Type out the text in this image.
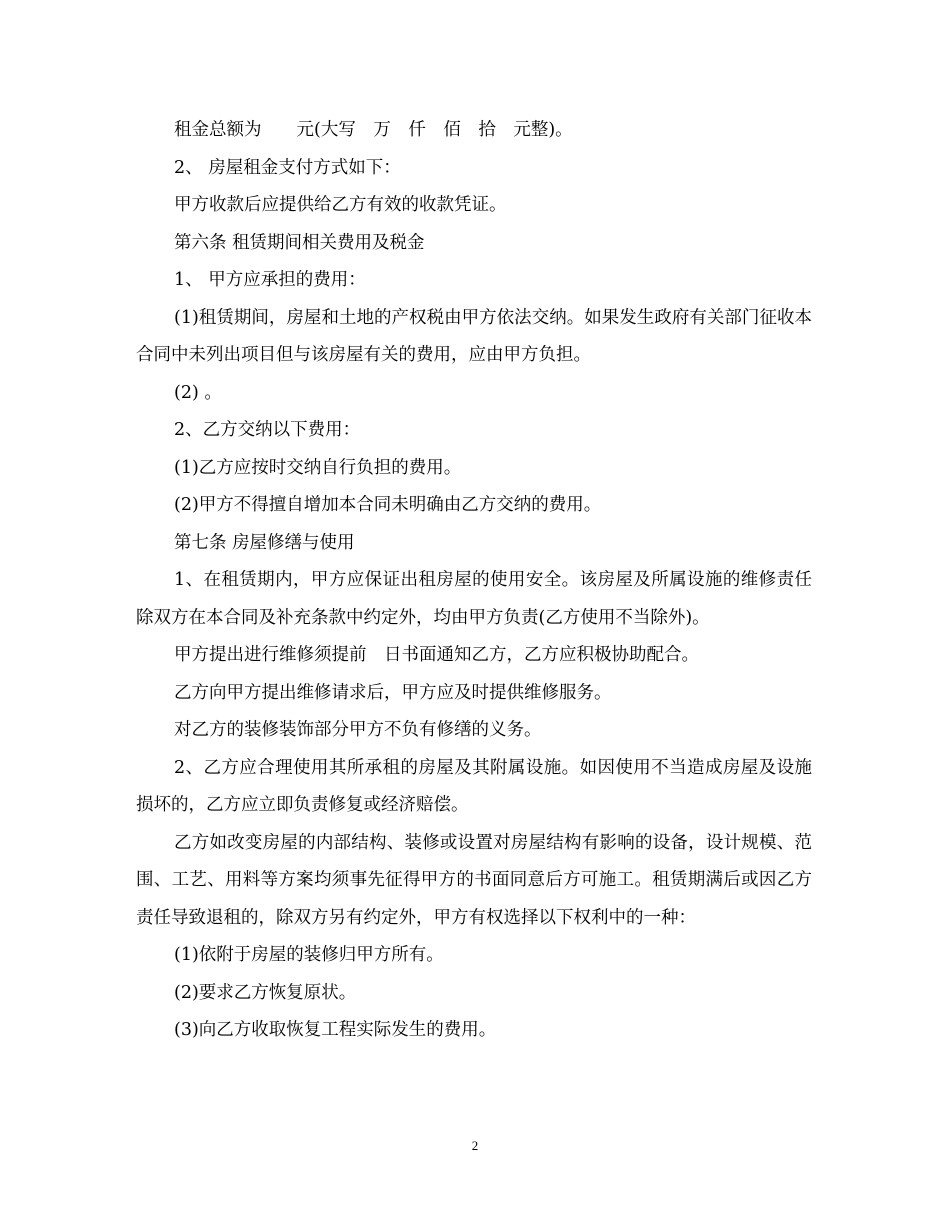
租金总额为　　元(大写　万　仟　佰　拾　元整)。

2、 房屋租金支付方式如下：

甲方收款后应提供给乙方有效的收款凭证。

第六条 租赁期间相关费用及税金

1、 甲方应承担的费用：

(1)租赁期间，房屋和土地的产权税由甲方依法交纳。如果发生政府有关部门征收本合同中未列出项目但与该房屋有关的费用，应由甲方负担。

(2) 。

2、乙方交纳以下费用：

(1)乙方应按时交纳自行负担的费用。

(2)甲方不得擅自增加本合同未明确由乙方交纳的费用。

第七条 房屋修缮与使用

1、在租赁期内，甲方应保证出租房屋的使用安全。该房屋及所属设施的维修责任除双方在本合同及补充条款中约定外，均由甲方负责(乙方使用不当除外)。

甲方提出进行维修须提前　日书面通知乙方，乙方应积极协助配合。

乙方向甲方提出维修请求后，甲方应及时提供维修服务。

对乙方的装修装饰部分甲方不负有修缮的义务。

2、乙方应合理使用其所承租的房屋及其附属设施。如因使用不当造成房屋及设施损坏的，乙方应立即负责修复或经济赔偿。

乙方如改变房屋的内部结构、装修或设置对房屋结构有影响的设备，设计规模、范围、工艺、用料等方案均须事先征得甲方的书面同意后方可施工。租赁期满后或因乙方责任导致退租的，除双方另有约定外，甲方有权选择以下权利中的一种：

(1)依附于房屋的装修归甲方所有。

(2)要求乙方恢复原状。

(3)向乙方收取恢复工程实际发生的费用。

2
